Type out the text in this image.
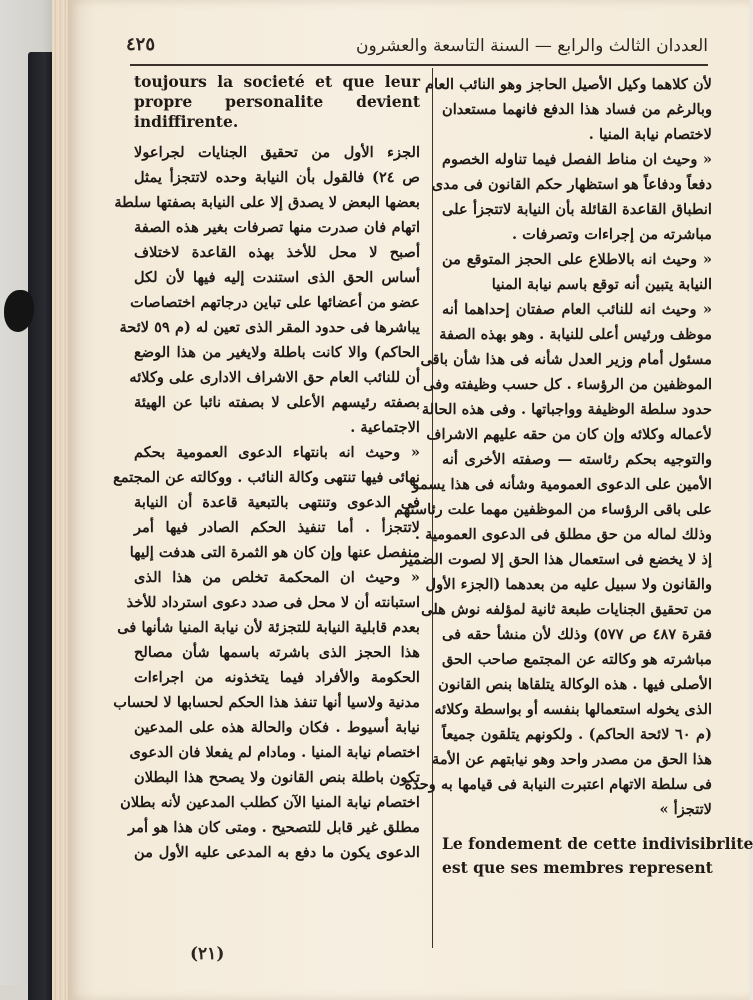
العددان الثالث والرابع — السنة التاسعة والعشرون
٤٢٥
toujours la societé et que leur
propre personalite devient
indiffirente.
الجزء الأول من تحقيق الجنايات لجراعولا
ص ٢٤) فالقول بأن النيابة وحده لاتتجزأ يمثل
بعضها البعض لا يصدق إلا على النيابة بصفتها سلطة
اتهام فان صدرت منها تصرفات بغير هذه الصفة
أصبح لا محل للأخذ بهذه القاعدة لاختلاف
أساس الحق الذى استندت إليه فيها لأن لكل
عضو من أعضائها على تباين درجاتهم اختصاصات
يباشرها فى حدود المقر الذى تعين له (م ٥٩ لائحة
الحاكم) والا كانت باطلة ولايغير من هذا الوضع
أن للنائب العام حق الاشراف الادارى على وكلائه
بصفته رئيسهم الأعلى لا بصفته نائبا عن الهيئة
الاجتماعية .
« وحيث انه بانتهاء الدعوى العمومية بحكم
نهائى فيها تنتهى وكالة النائب . ووكالته عن المجتمع
فى الدعوى وتنتهى بالتبعية قاعدة أن النيابة
لاتتجزأ . أما تنفيذ الحكم الصادر فيها أمر
منفصل عنها وإن كان هو الثمرة التى هدفت إليها
« وحيث ان المحكمة تخلص من هذا الذى
استبانته أن لا محل فى صدد دعوى استرداد للأخذ
بعدم قابلية النيابة للتجزئة لأن نيابة المنيا شأنها فى
هذا الحجز الذى باشرته باسمها شأن مصالح
الحكومة والأفراد فيما يتخذونه من اجراءات
مدنية ولاسيا أنها تنفذ هذا الحكم لحسابها لا لحساب
نيابة أسيوط . فكان والحالة هذه على المدعين
اختصام نيابة المنيا . ومادام لم يفعلا فان الدعوى
تكون باطلة بنص القانون ولا يصحح هذا البطلان
اختصام نيابة المنيا الآن كطلب المدعين لأنه بطلان
مطلق غير قابل للتصحيح . ومتى كان هذا هو أمر
الدعوى يكون ما دفع به المدعى عليه الأول من
لأن كلاهما وكيل الأصيل الحاجز وهو النائب العام
وبالرغم من فساد هذا الدفع فانهما مستعدان
لاختصام نيابة المنيا .
« وحيث ان مناط الفصل فيما تناوله الخصوم
دفعاً ودفاعاً هو استظهار حكم القانون فى مدى
انطباق القاعدة القائلة بأن النيابة لاتتجزأ على
مباشرته من إجراءات وتصرفات .
« وحيث انه بالاطلاع على الحجز المتوقع من
النيابة يتبين أنه توقع باسم نيابة المنيا
« وحيث انه للنائب العام صفتان إحداهما أنه
موظف ورئيس أعلى للنيابة . وهو بهذه الصفة
مسئول أمام وزير العدل شأنه فى هذا شأن باقى
الموظفين من الرؤساء . كل حسب وظيفته وفى
حدود سلطة الوظيفة وواجباتها . وفى هذه الحالة
لأعماله وكلائه وإن كان من حقه عليهم الاشراف
والتوجيه بحكم رئاسته — وصفته الأخرى أنه
الأمين على الدعوى العمومية وشأنه فى هذا يسمو
على باقى الرؤساء من الموظفين مهما علت رئاستهم
وذلك لماله من حق مطلق فى الدعوى العمومية .
إذ لا يخضع فى استعمال هذا الحق إلا لصوت الضمير
والقانون ولا سبيل عليه من بعدهما (الجزء الأول
من تحقيق الجنايات طبعة ثانية لمؤلفه نوش هلى
فقرة ٤٨٧ ص ٥٧٧) وذلك لأن منشأ حقه فى
مباشرته هو وكالته عن المجتمع صاحب الحق
الأصلى فيها . هذه الوكالة يتلقاها بنص القانون
الذى يخوله استعمالها بنفسه أو بواسطة وكلائه
(م ٦٠ لائحة الحاكم) . ولكونهم يتلقون جميعاً
هذا الحق من مصدر واحد وهو نيابتهم عن الأمة
فى سلطة الاتهام اعتبرت النيابة فى قيامها به وحدة
لاتتجزأ »
Le fondement de cette indivisibrlite
est que ses membres represent
(٢١)
